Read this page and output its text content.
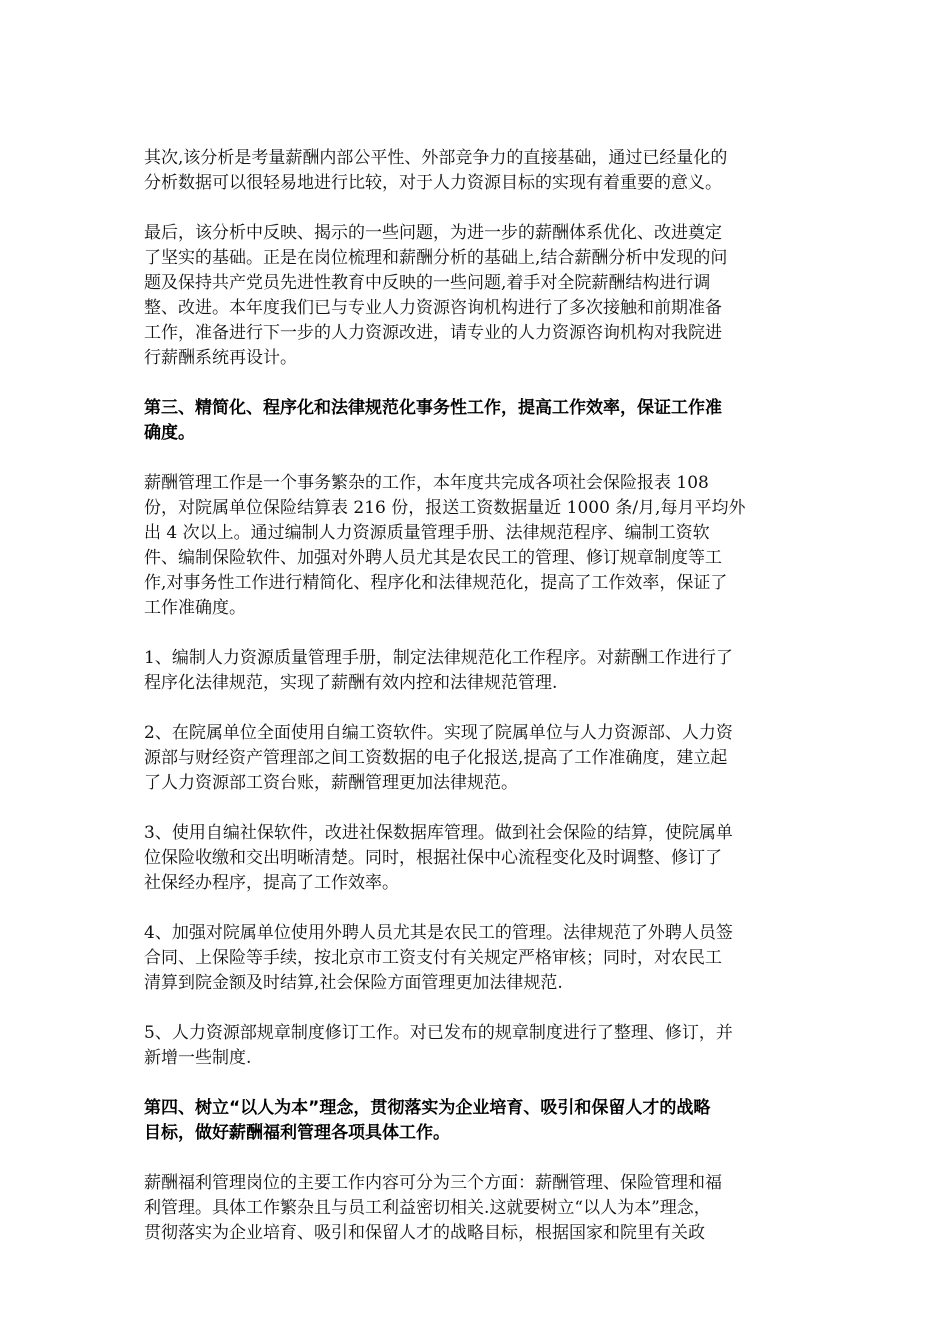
其次,该分析是考量薪酬内部公平性、外部竞争力的直接基础，通过已经量化的
分析数据可以很轻易地进行比较，对于人力资源目标的实现有着重要的意义。
最后，该分析中反映、揭示的一些问题，为进一步的薪酬体系优化、改进奠定
了坚实的基础。正是在岗位梳理和薪酬分析的基础上,结合薪酬分析中发现的问
题及保持共产党员先进性教育中反映的一些问题,着手对全院薪酬结构进行调
整、改进。本年度我们已与专业人力资源咨询机构进行了多次接触和前期准备
工作，准备进行下一步的人力资源改进，请专业的人力资源咨询机构对我院进
行薪酬系统再设计。
第三、精简化、程序化和法律规范化事务性工作，提高工作效率，保证工作准
确度。
薪酬管理工作是一个事务繁杂的工作，本年度共完成各项社会保险报表 108
份，对院属单位保险结算表 216 份，报送工资数据量近 1000 条/月,每月平均外
出 4 次以上。通过编制人力资源质量管理手册、法律规范程序、编制工资软
件、编制保险软件、加强对外聘人员尤其是农民工的管理、修订规章制度等工
作,对事务性工作进行精简化、程序化和法律规范化，提高了工作效率，保证了
工作准确度。
1、编制人力资源质量管理手册，制定法律规范化工作程序。对薪酬工作进行了
程序化法律规范，实现了薪酬有效内控和法律规范管理.
2、在院属单位全面使用自编工资软件。实现了院属单位与人力资源部、人力资
源部与财经资产管理部之间工资数据的电子化报送,提高了工作准确度，建立起
了人力资源部工资台账，薪酬管理更加法律规范。
3、使用自编社保软件，改进社保数据库管理。做到社会保险的结算，使院属单
位保险收缴和交出明晰清楚。同时，根据社保中心流程变化及时调整、修订了
社保经办程序，提高了工作效率。
4、加强对院属单位使用外聘人员尤其是农民工的管理。法律规范了外聘人员签
合同、上保险等手续，按北京市工资支付有关规定严格审核；同时，对农民工
清算到院金额及时结算,社会保险方面管理更加法律规范.
5、人力资源部规章制度修订工作。对已发布的规章制度进行了整理、修订，并
新增一些制度.
第四、树立“以人为本”理念，贯彻落实为企业培育、吸引和保留人才的战略
目标，做好薪酬福利管理各项具体工作。
薪酬福利管理岗位的主要工作内容可分为三个方面：薪酬管理、保险管理和福
利管理。具体工作繁杂且与员工利益密切相关.这就要树立“以人为本”理念，
贯彻落实为企业培育、吸引和保留人才的战略目标，根据国家和院里有关政
